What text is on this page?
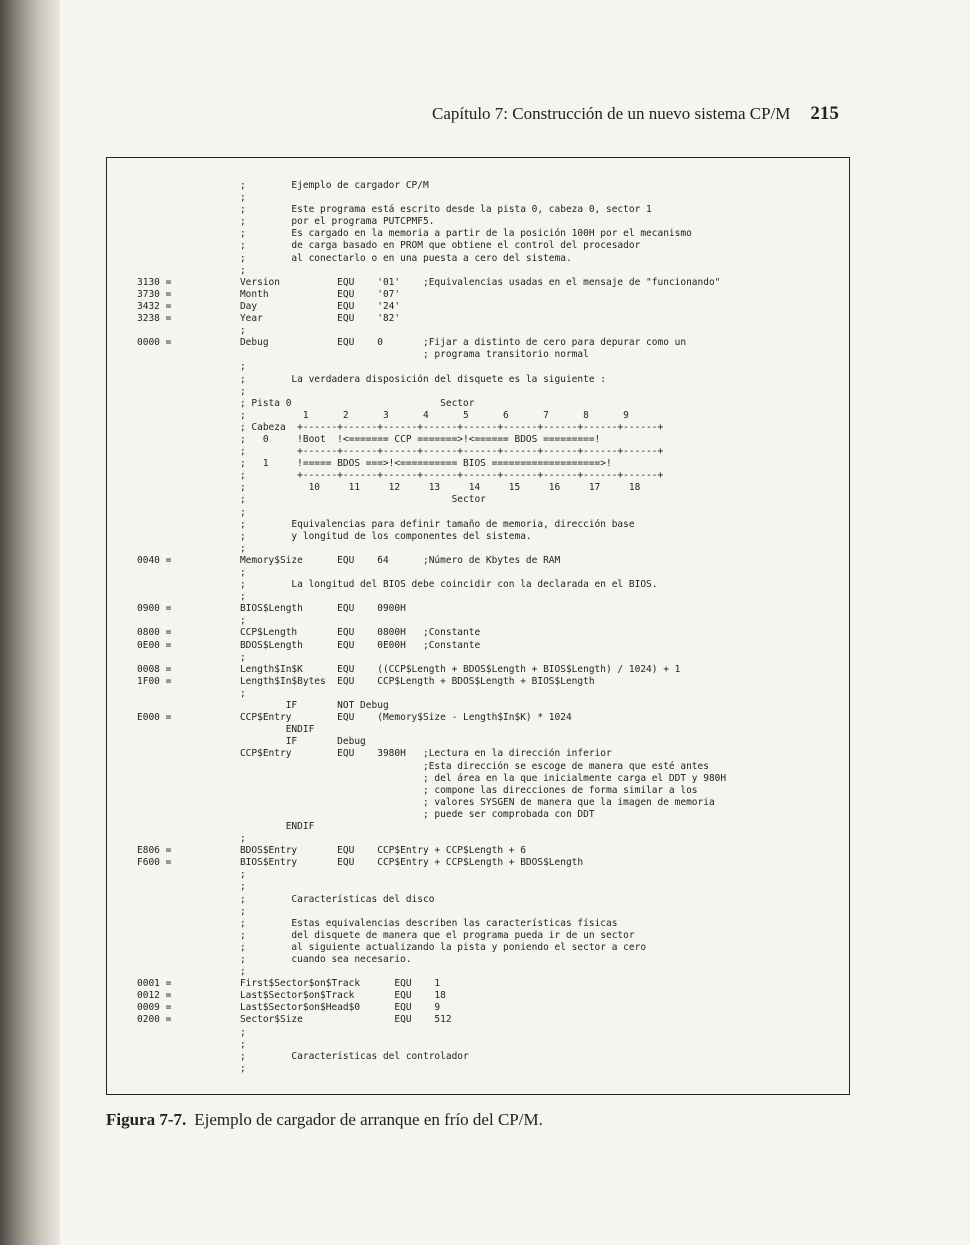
Capítulo 7: Construcción de un nuevo sistema CP/M 215
;        Ejemplo de cargador CP/M
;
;        Este programa está escrito desde la pista 0, cabeza 0, sector 1
;        por el programa PUTCPMF5.
;        Es cargado en la memoria a partir de la posición 100H por el mecanismo
;        de carga basado en PROM que obtiene el control del procesador
;        al conectarlo o en una puesta a cero del sistema.
;
3130 =            Version          EQU    '01'    ;Equivalencias usadas en el mensaje de "funcionando"
3730 =            Month            EQU    '07'
3432 =            Day              EQU    '24'
3238 =            Year             EQU    '82'
;
0000 =            Debug            EQU    0       ;Fijar a distinto de cero para depurar como un
; programa transitorio normal
;
;        La verdadera disposición del disquete es la siguiente :
;
; Pista 0                          Sector
;          1      2      3      4      5      6      7      8      9
; Cabeza  +------+------+------+------+------+------+------+------+------+
;   0     !Boot  !<======= CCP =======>!<====== BDOS =========!
;         +------+------+------+------+------+------+------+------+------+
;   1     !===== BDOS ===>!<========== BIOS ===================>!
;         +------+------+------+------+------+------+------+------+------+
;           10     11     12     13     14     15     16     17     18
;                                    Sector
;
;        Equivalencias para definir tamaño de memoria, dirección base
;        y longitud de los componentes del sistema.
;
0040 =            Memory$Size      EQU    64      ;Número de Kbytes de RAM
;
;        La longitud del BIOS debe coincidir con la declarada en el BIOS.
;
0900 =            BIOS$Length      EQU    0900H
;
0800 =            CCP$Length       EQU    0800H   ;Constante
0E00 =            BDOS$Length      EQU    0E00H   ;Constante
;
0008 =            Length$In$K      EQU    ((CCP$Length + BDOS$Length + BIOS$Length) / 1024) + 1
1F00 =            Length$In$Bytes  EQU    CCP$Length + BDOS$Length + BIOS$Length
;
IF       NOT Debug
E000 =            CCP$Entry        EQU    (Memory$Size - Length$In$K) * 1024
ENDIF
IF       Debug
CCP$Entry        EQU    3980H   ;Lectura en la dirección inferior
;Esta dirección se escoge de manera que esté antes
; del área en la que inicialmente carga el DDT y 980H
; compone las direcciones de forma similar a los
; valores SYSGEN de manera que la imagen de memoria
; puede ser comprobada con DDT
ENDIF
;
E806 =            BDOS$Entry       EQU    CCP$Entry + CCP$Length + 6
F600 =            BIOS$Entry       EQU    CCP$Entry + CCP$Length + BDOS$Length
;
;
;        Características del disco
;
;        Estas equivalencias describen las características físicas
;        del disquete de manera que el programa pueda ir de un sector
;        al siguiente actualizando la pista y poniendo el sector a cero
;        cuando sea necesario.
;
0001 =            First$Sector$on$Track      EQU    1
0012 =            Last$Sector$on$Track       EQU    18
0009 =            Last$Sector$on$Head$0      EQU    9
0200 =            Sector$Size                EQU    512
;
;
;        Características del controlador
;
Figura 7-7. Ejemplo de cargador de arranque en frío del CP/M.
